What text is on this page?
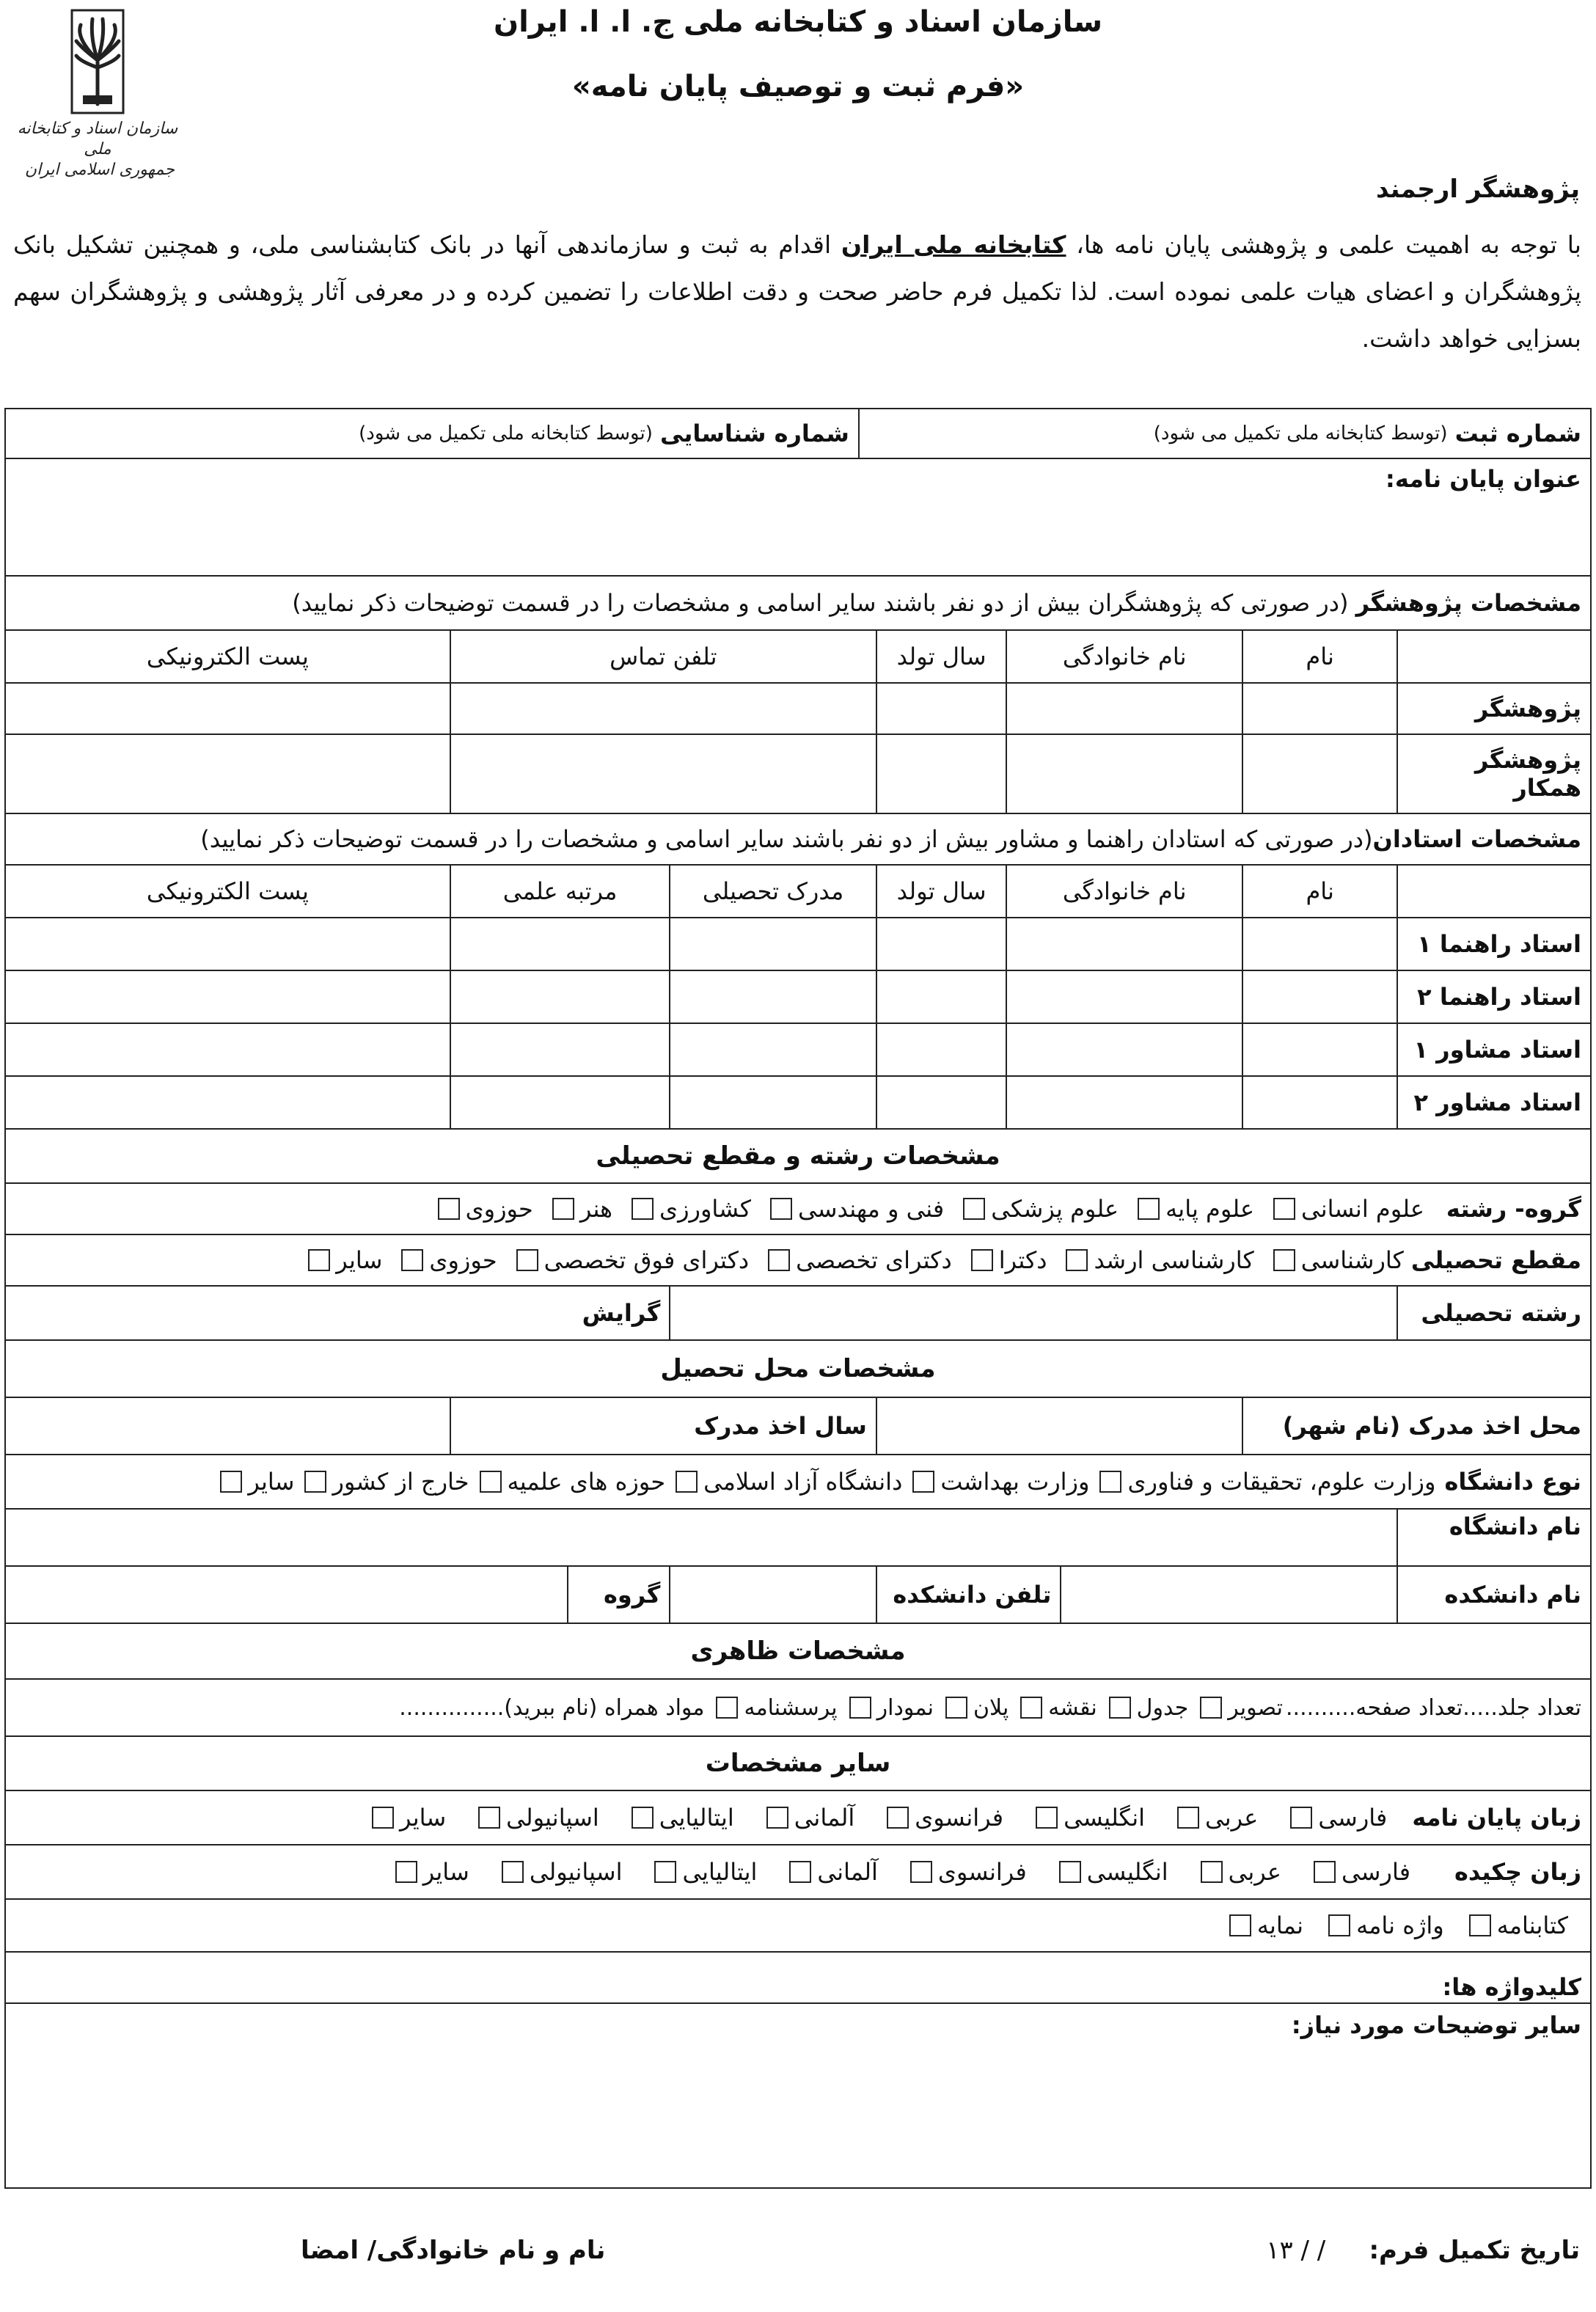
سازمان اسناد و کتابخانه ملی
جمهوری اسلامی ایران
سازمان اسناد و کتابخانه ملی ج. ا. ا. ایران
«فرم ثبت و توصیف پایان نامه»
پژوهشگر ارجمند
با توجه به اهمیت علمی و پژوهشی پایان نامه ها، کتابخانه ملی ایران اقدام به ثبت و سازماندهی آنها در بانک کتابشناسی ملی، و همچنین تشکیل بانک پژوهشگران و اعضای هیات علمی نموده است. لذا تکمیل فرم حاضر صحت و دقت اطلاعات را تضمین کرده و در معرفی آثار پژوهشی و پژوهشگران سهم بسزایی خواهد داشت.
شماره ثبت

(توسط کتابخانه ملی تکمیل می شود)
شماره شناسایی

(توسط کتابخانه ملی تکمیل می شود)
عنوان پایان نامه:
مشخصات پژوهشگر

(در صورتی که پژوهشگران بیش از دو نفر باشند سایر اسامی و مشخصات را در قسمت توضیحات ذکر نمایید)
نام
نام خانوادگی
سال تولد
تلفن تماس
پست الکترونیکی
پژوهشگر
پژوهشگر همکار
مشخصات استادان
(در صورتی که استادان راهنما و مشاور بیش از دو نفر باشند سایر اسامی و مشخصات را در قسمت توضیحات ذکر نمایید)
نام
نام خانوادگی
سال تولد
مدرک تحصیلی
مرتبه علمی
پست الکترونیکی
استاد راهنما ۱
استاد راهنما ۲
استاد مشاور ۱
استاد مشاور ۲
مشخصات رشته و مقطع تحصیلی
گروه- رشته
علوم انسانی
علوم پایه
علوم پزشکی
فنی و مهندسی
کشاورزی
هنر
حوزوی
مقطع تحصیلی
کارشناسی
کارشناسی ارشد
دکترا
دکترای تخصصی
دکترای فوق تخصصی
حوزوی
سایر
رشته تحصیلی
گرایش
مشخصات محل تحصیل
محل اخذ مدرک (نام شهر)
سال اخذ مدرک
نوع دانشگاه
وزارت علوم، تحقیقات و فناوری
وزارت بهداشت
دانشگاه آزاد اسلامی
حوزه های علمیه
خارج از کشور
سایر
نام دانشگاه
نام دانشکده
تلفن دانشکده
گروه
مشخصات ظاهری
تعداد جلد.....
تعداد صفحه..........
تصویر
جدول
نقشه
پلان
نمودار
پرسشنامه
مواد همراه (نام ببرید)...............
سایر مشخصات
زبان پایان نامه
فارسی
عربی
انگلیسی
فرانسوی
آلمانی
ایتالیایی
اسپانیولی
سایر
زبان چکیده
فارسی
عربی
انگلیسی
فرانسوی
آلمانی
ایتالیایی
اسپانیولی
سایر
کتابنامه
واژه نامه
نمایه
کلیدواژه ها:
سایر توضیحات مورد نیاز:
تاریخ تکمیل فرم:     / / ۱۳
نام و نام خانوادگی/ امضا
